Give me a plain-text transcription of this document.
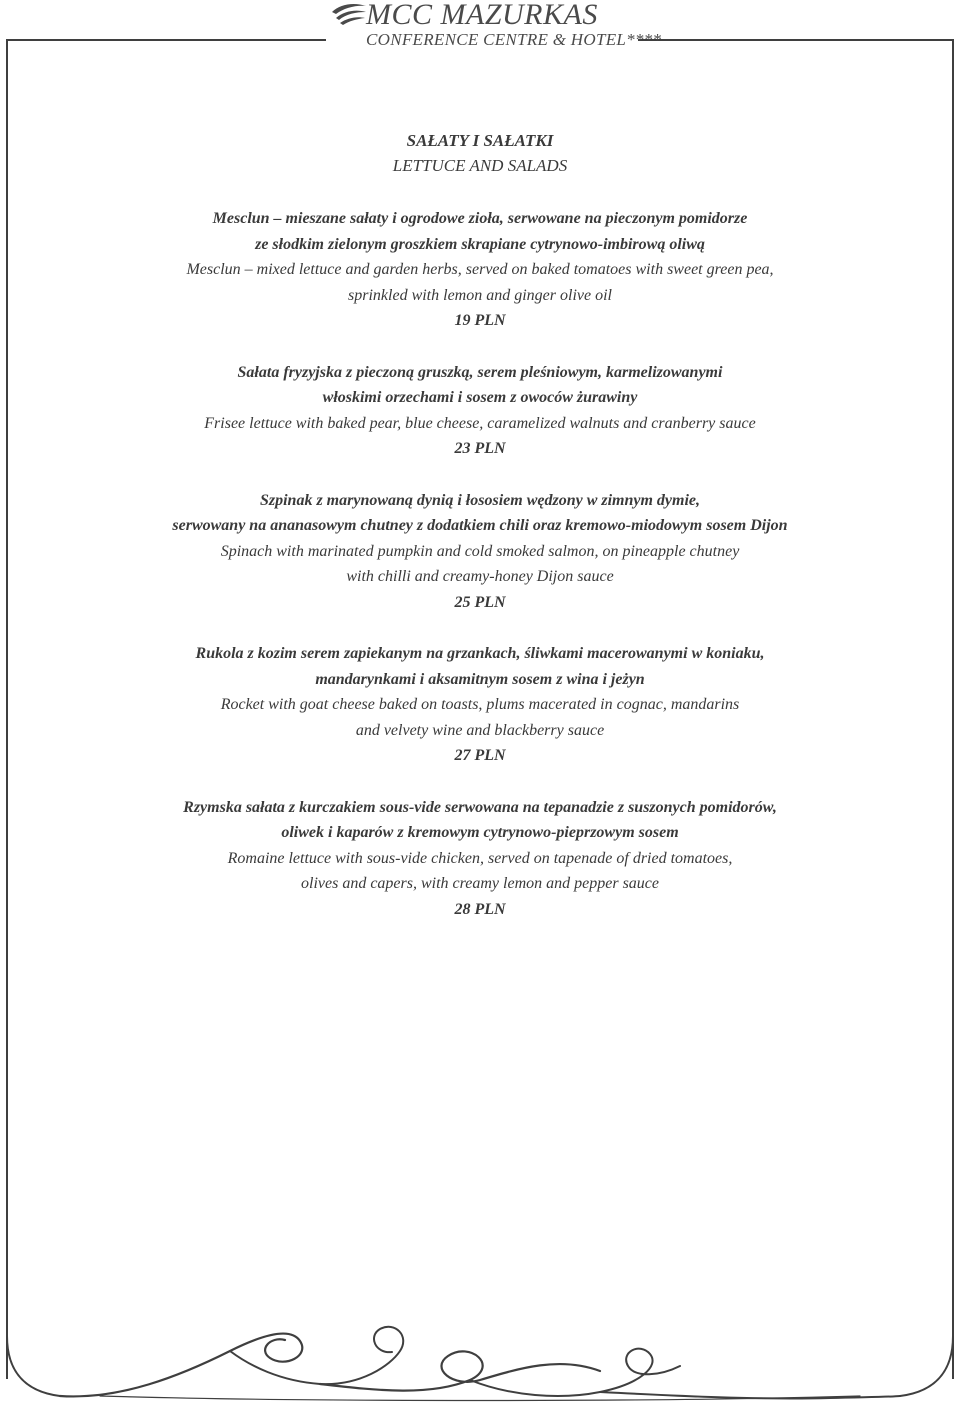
MCC MAZURKAS
CONFERENCE CENTRE & HOTEL****
SAŁATY I SAŁATKI
LETTUCE AND SALADS
Mesclun – mieszane sałaty i ogrodowe zioła, serwowane na pieczonym pomidorze
ze słodkim zielonym groszkiem skrapiane cytrynowo-imbirową oliwą
Mesclun – mixed lettuce and garden herbs, served on baked tomatoes with sweet green pea,
sprinkled with lemon and ginger olive oil
19 PLN
Sałata fryzyjska z pieczoną gruszką, serem pleśniowym, karmelizowanymi
włoskimi orzechami i sosem z owoców żurawiny
Frisee lettuce with baked pear, blue cheese, caramelized walnuts and cranberry sauce
23 PLN
Szpinak z marynowaną dynią i łososiem wędzony w zimnym dymie,
serwowany na ananasowym chutney z dodatkiem chili oraz kremowo-miodowym sosem Dijon
Spinach with marinated pumpkin and cold smoked salmon, on pineapple chutney
with chilli and creamy-honey Dijon sauce
25 PLN
Rukola z kozim serem zapiekanym na grzankach, śliwkami macerowanymi w koniaku,
mandarynkami i aksamitnym sosem z wina i jeżyn
Rocket with goat cheese baked on toasts, plums macerated in cognac, mandarins
and velvety wine and blackberry sauce
27 PLN
Rzymska sałata z kurczakiem sous-vide serwowana na tepanadzie z suszonych pomidorów,
oliwek i kaparów z kremowym cytrynowo-pieprzowym sosem
Romaine lettuce with sous-vide chicken, served on tapenade of dried tomatoes,
olives and capers, with creamy lemon and pepper sauce
28 PLN
